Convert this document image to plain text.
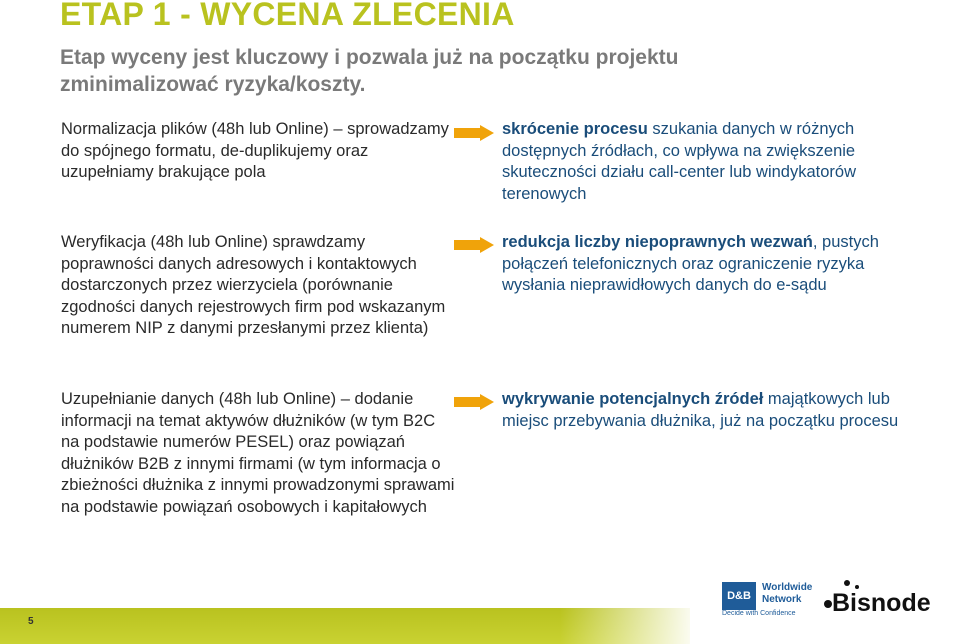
ETAP 1 - WYCENA ZLECENIA
Etap wyceny jest kluczowy i pozwala już na początku projektu zminimalizować ryzyka/koszty.
Normalizacja plików (48h lub Online) – sprowadzamy do spójnego formatu, de-duplikujemy oraz uzupełniamy brakujące pola
skrócenie procesu szukania danych w różnych dostępnych źródłach, co wpływa na zwiększenie skuteczności działu call-center lub windykatorów terenowych
Weryfikacja (48h lub Online) sprawdzamy poprawności danych adresowych i kontaktowych dostarczonych przez wierzyciela (porównanie zgodności danych rejestrowych firm pod wskazanym numerem NIP z danymi przesłanymi przez klienta)
redukcja liczby niepoprawnych wezwań, pustych połączeń telefonicznych oraz ograniczenie ryzyka wysłania nieprawidłowych danych do e-sądu
Uzupełnianie danych (48h lub Online) – dodanie informacji na temat aktywów dłużników (w tym B2C na podstawie numerów PESEL) oraz powiązań dłużników B2B z innymi firmami (w tym informacja o zbieżności dłużnika z innymi prowadzonymi sprawami na podstawie powiązań osobowych i kapitałowych
wykrywanie potencjalnych źródeł majątkowych lub miejsc przebywania dłużnika, już na początku procesu
5
D&B
Worldwide
Network
Decide with Confidence Bisnode
